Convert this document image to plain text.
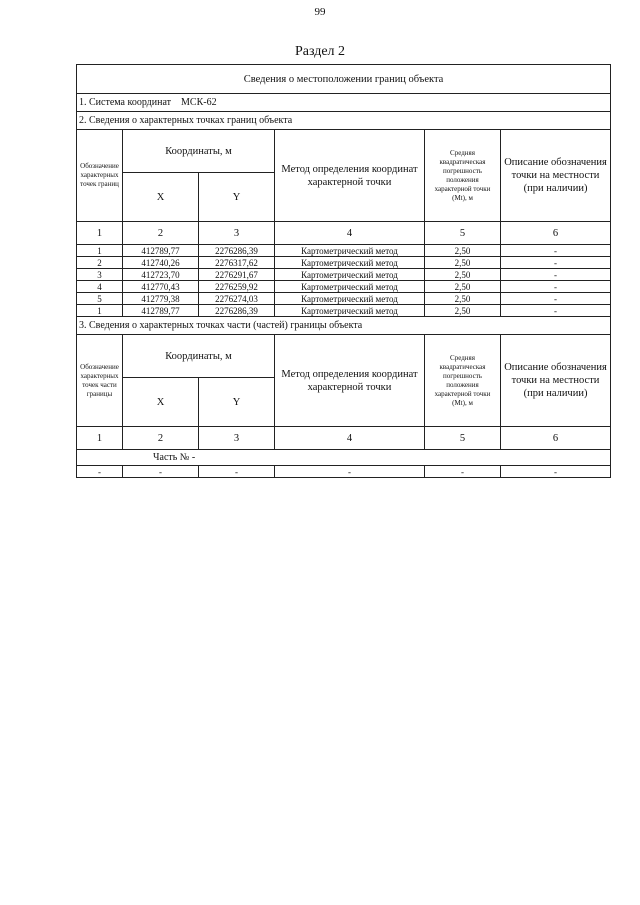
99
Раздел 2
Сведения о местоположении границ объекта					
1. Система координат МСК-62					
2. Сведения о характерных точках границ объекта					
Обозначение характерных точек границ	Координаты, м		Метод определения координат характерной точки	Средняя квадратическая погрешность положения характерной точки (Mt), м	Описание обозначения точки на местности (при наличии)
	X	Y			
1	2	3	4	5	6
1	412789,77	2276286,39	Картометрический метод	2,50	-
2	412740,26	2276317,62	Картометрический метод	2,50	-
3	412723,70	2276291,67	Картометрический метод	2,50	-
4	412770,43	2276259,92	Картометрический метод	2,50	-
5	412779,38	2276274,03	Картометрический метод	2,50	-
1	412789,77	2276286,39	Картометрический метод	2,50	-
3. Сведения о характерных точках части (частей) границы объекта					
Обозначение характерных точек части границы	Координаты, м		Метод определения координат характерной точки	Средняя квадратическая погрешность положения характерной точки (Mt), м	Описание обозначения точки на местности (при наличии)
	X	Y			
1	2	3	4	5	6
Часть № -					
-	-	-	-	-	-
